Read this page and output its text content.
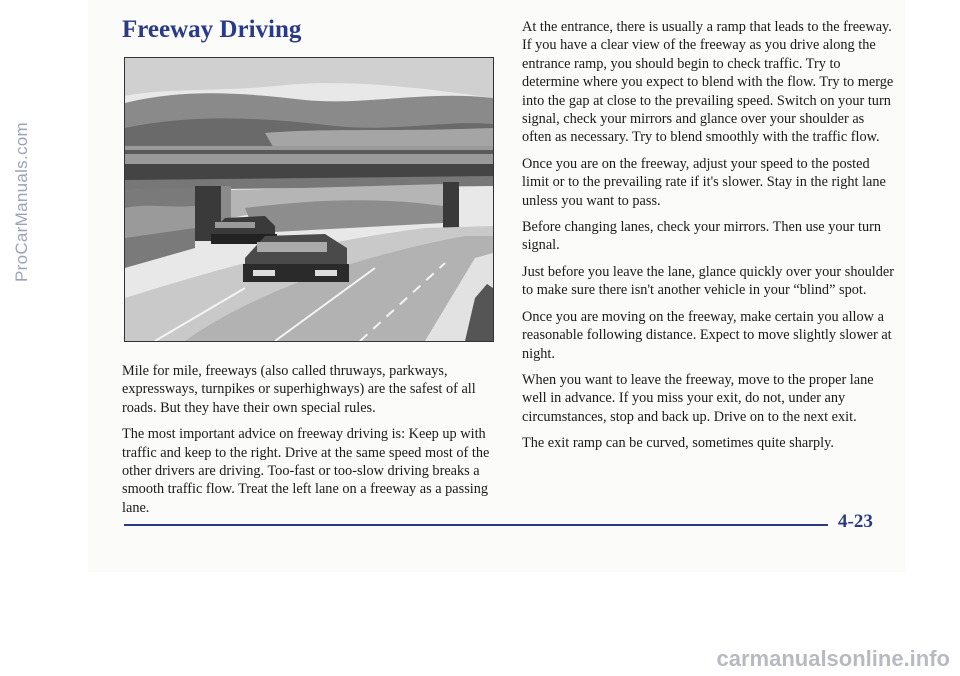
ProCarManuals.com
Freeway Driving

Mile for mile, freeways (also called thruways, parkways, expressways, turnpikes or superhighways) are the safest of all roads. But they have their own special rules.

The most important advice on freeway driving is: Keep up with traffic and keep to the right. Drive at the same speed most of the other drivers are driving. Too-fast or too-slow driving breaks a smooth traffic flow. Treat the left lane on a freeway as a passing lane.

At the entrance, there is usually a ramp that leads to the freeway. If you have a clear view of the freeway as you drive along the entrance ramp, you should begin to check traffic. Try to determine where you expect to blend with the flow. Try to merge into the gap at close to the prevailing speed. Switch on your turn signal, check your mirrors and glance over your shoulder as often as necessary. Try to blend smoothly with the traffic flow.

Once you are on the freeway, adjust your speed to the posted limit or to the prevailing rate if it's slower. Stay in the right lane unless you want to pass.

Before changing lanes, check your mirrors. Then use your turn signal.

Just before you leave the lane, glance quickly over your shoulder to make sure there isn't another vehicle in your “blind” spot.

Once you are moving on the freeway, make certain you allow a reasonable following distance. Expect to move slightly slower at night.

When you want to leave the freeway, move to the proper lane well in advance. If you miss your exit, do not, under any circumstances, stop and back up. Drive on to the next exit.

The exit ramp can be curved, sometimes quite sharply.

4-23
carmanualsonline.info
